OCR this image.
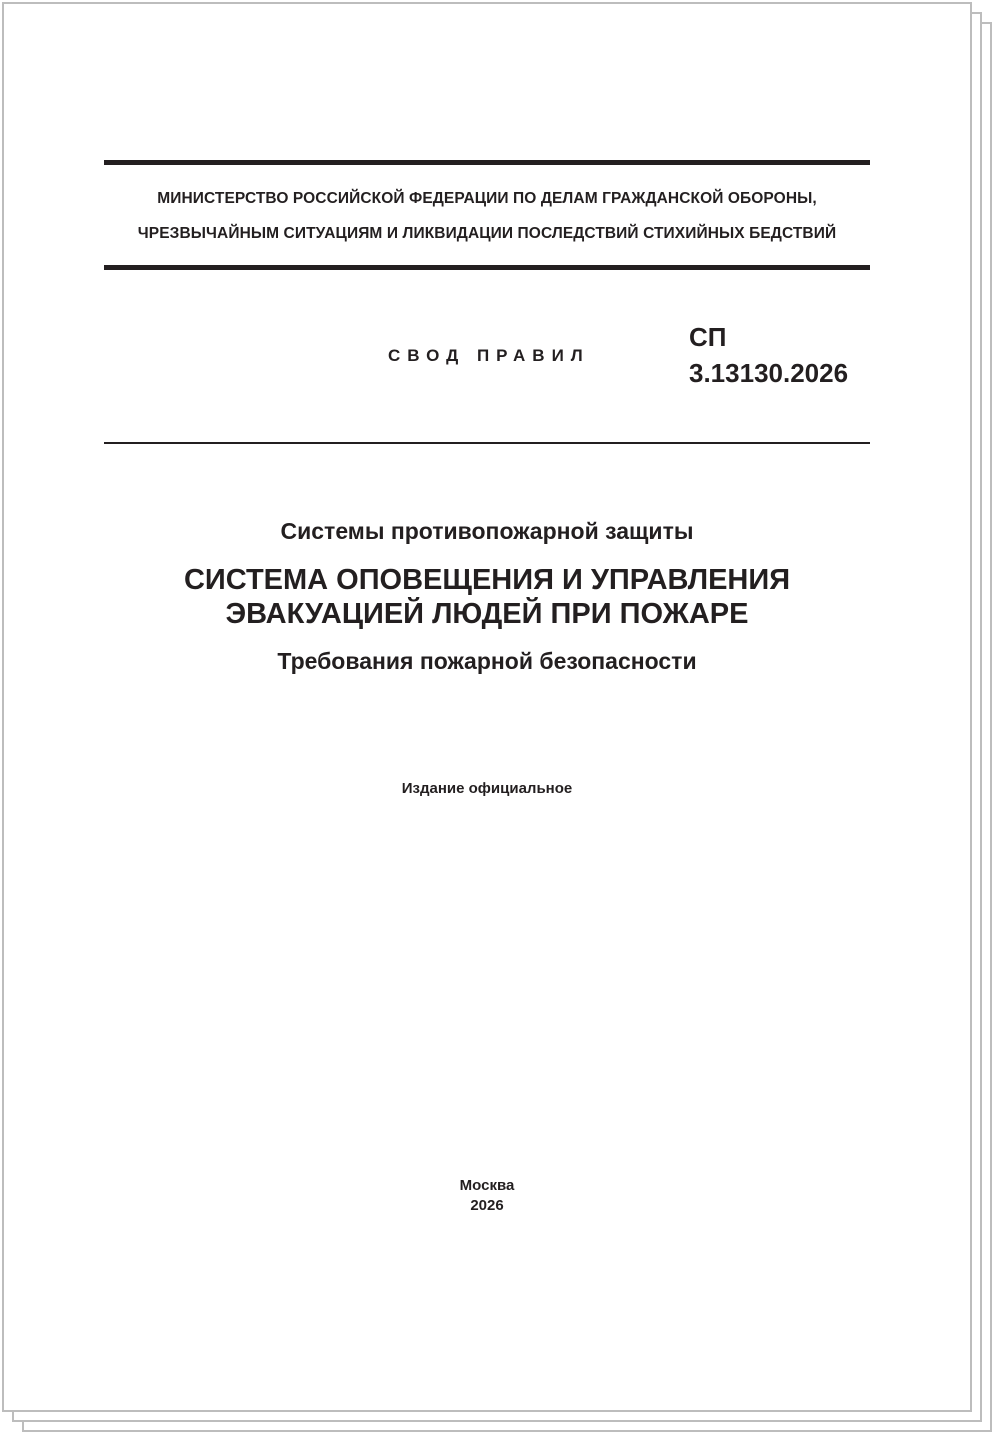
МИНИСТЕРСТВО РОССИЙСКОЙ ФЕДЕРАЦИИ ПО ДЕЛАМ ГРАЖДАНСКОЙ ОБОРОНЫ,
ЧРЕЗВЫЧАЙНЫМ СИТУАЦИЯМ И ЛИКВИДАЦИИ ПОСЛЕДСТВИЙ СТИХИЙНЫХ БЕДСТВИЙ
СВОД ПРАВИЛ
СП
3.13130.2026
Системы противопожарной защиты
СИСТЕМА ОПОВЕЩЕНИЯ И УПРАВЛЕНИЯ
ЭВАКУАЦИЕЙ ЛЮДЕЙ ПРИ ПОЖАРЕ
Требования пожарной безопасности
Издание официальное
Москва
2026
